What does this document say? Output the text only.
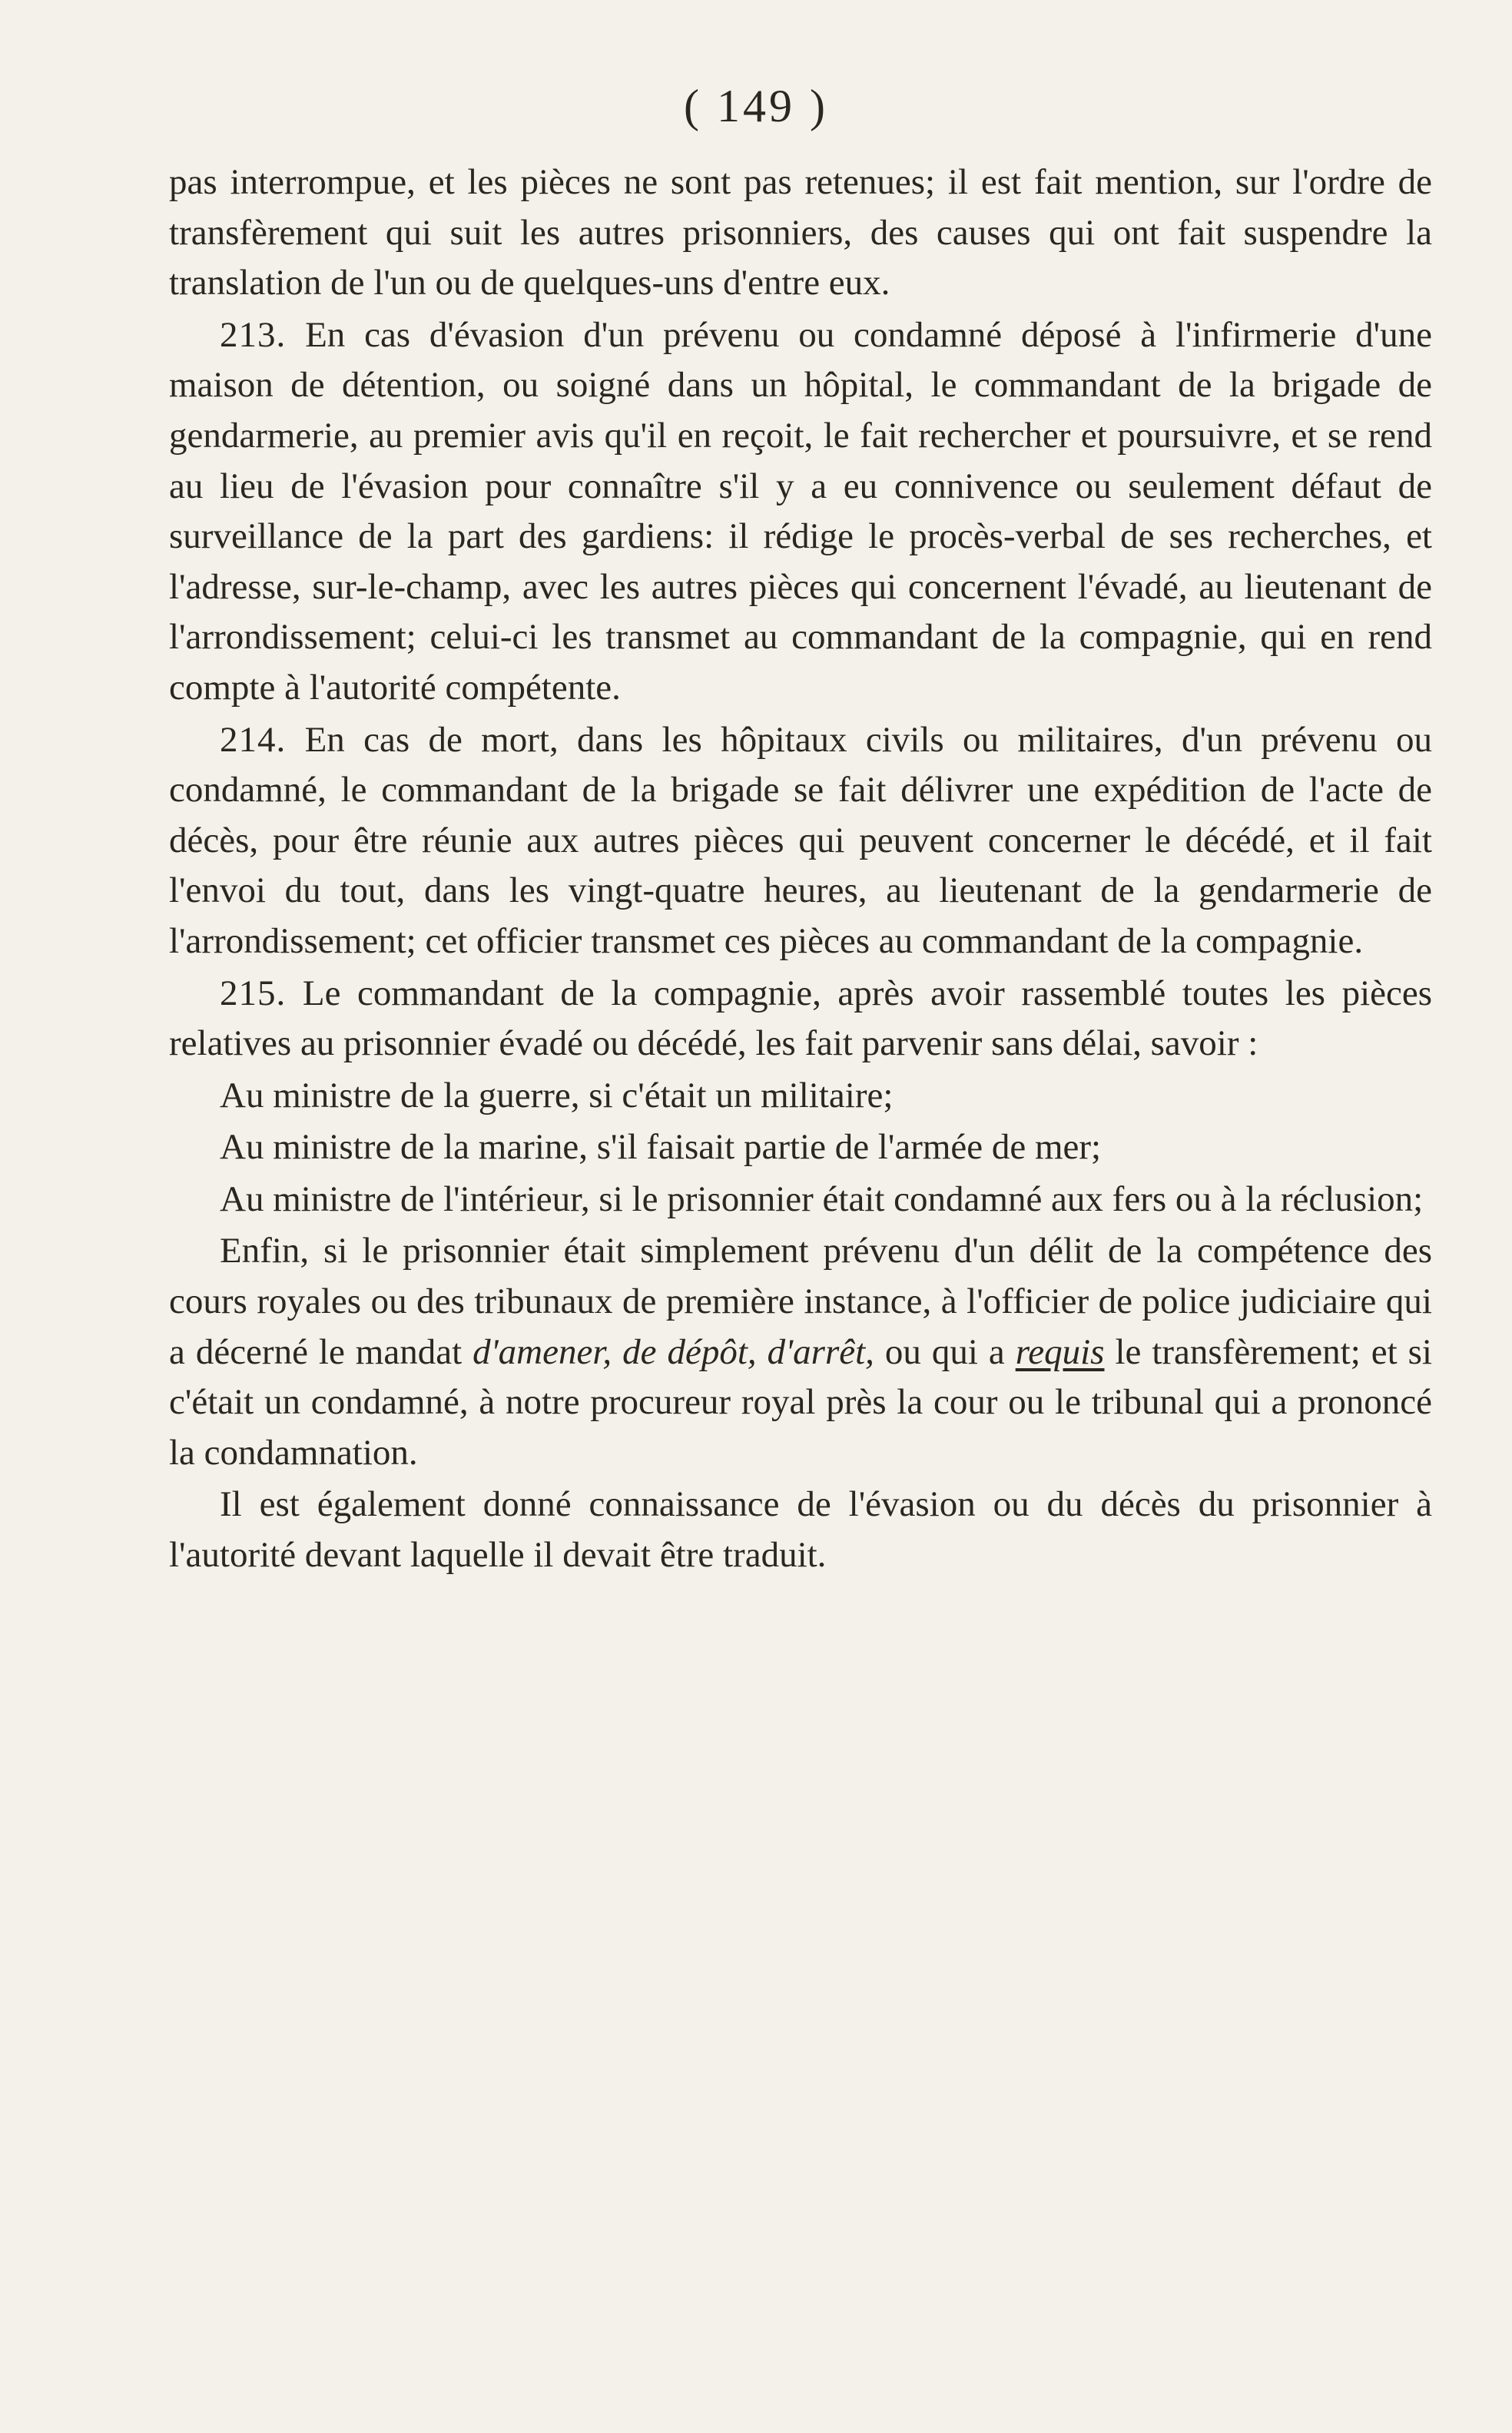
( 149 )

pas interrompue, et les pièces ne sont pas retenues; il est fait mention, sur l'ordre de transfèrement qui suit les autres prisonniers, des causes qui ont fait suspendre la translation de l'un ou de quelques-uns d'entre eux.

213. En cas d'évasion d'un prévenu ou condamné déposé à l'infirmerie d'une maison de détention, ou soigné dans un hôpital, le commandant de la brigade de gendarmerie, au premier avis qu'il en reçoit, le fait rechercher et poursuivre, et se rend au lieu de l'évasion pour connaître s'il y a eu connivence ou seulement défaut de surveillance de la part des gardiens: il rédige le procès-verbal de ses recherches, et l'adresse, sur-le-champ, avec les autres pièces qui concernent l'évadé, au lieutenant de l'arrondissement; celui-ci les transmet au commandant de la compagnie, qui en rend compte à l'autorité compétente.

214. En cas de mort, dans les hôpitaux civils ou militaires, d'un prévenu ou condamné, le commandant de la brigade se fait délivrer une expédition de l'acte de décès, pour être réunie aux autres pièces qui peuvent concerner le décédé, et il fait l'envoi du tout, dans les vingt-quatre heures, au lieutenant de la gendarmerie de l'arrondissement; cet officier transmet ces pièces au commandant de la compagnie.

215. Le commandant de la compagnie, après avoir rassemblé toutes les pièces relatives au prisonnier évadé ou décédé, les fait parvenir sans délai, savoir :

Au ministre de la guerre, si c'était un militaire;

Au ministre de la marine, s'il faisait partie de l'armée de mer;

Au ministre de l'intérieur, si le prisonnier était condamné aux fers ou à la réclusion;

Enfin, si le prisonnier était simplement prévenu d'un délit de la compétence des cours royales ou des tribunaux de première instance, à l'officier de police judiciaire qui a décerné le mandat d'amener, de dépôt, d'arrêt, ou qui a requis le transfèrement; et si c'était un condamné, à notre procureur royal près la cour ou le tribunal qui a prononcé la condamnation.

Il est également donné connaissance de l'évasion ou du décès du prisonnier à l'autorité devant laquelle il devait être traduit.
